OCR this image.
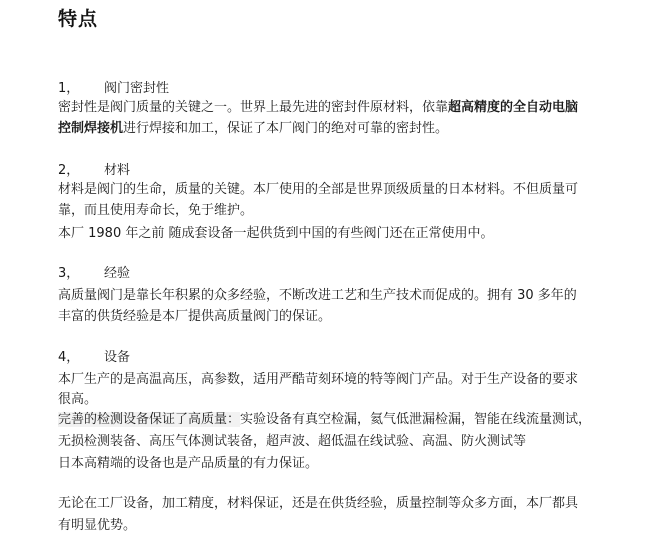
特点
1， 阀门密封性
密封性是阀门质量的关键之一。世界上最先进的密封件原材料，依靠超高精度的全自动电脑
控制焊接机进行焊接和加工，保证了本厂阀门的绝对可靠的密封性。
2， 材料
材料是阀门的生命，质量的关键。本厂使用的全部是世界顶级质量的日本材料。不但质量可
靠，而且使用寿命长，免于维护。
本厂 1980 年之前 随成套设备一起供货到中国的有些阀门还在正常使用中。
3， 经验
高质量阀门是靠长年积累的众多经验，不断改进工艺和生产技术而促成的。拥有 30 多年的
丰富的供货经验是本厂提供高质量阀门的保证。
4， 设备
本厂生产的是高温高压，高参数，适用严酷苛刻环境的特等阀门产品。对于生产设备的要求
很高。
完善的检测设备保证了高质量：实验设备有真空检漏，氦气低泄漏检漏，智能在线流量测试，
无损检测装备、高压气体测试装备，超声波、超低温在线试验、高温、防火测试等
日本高精端的设备也是产品质量的有力保证。
无论在工厂设备，加工精度，材料保证，还是在供货经验，质量控制等众多方面，本厂都具
有明显优势。
